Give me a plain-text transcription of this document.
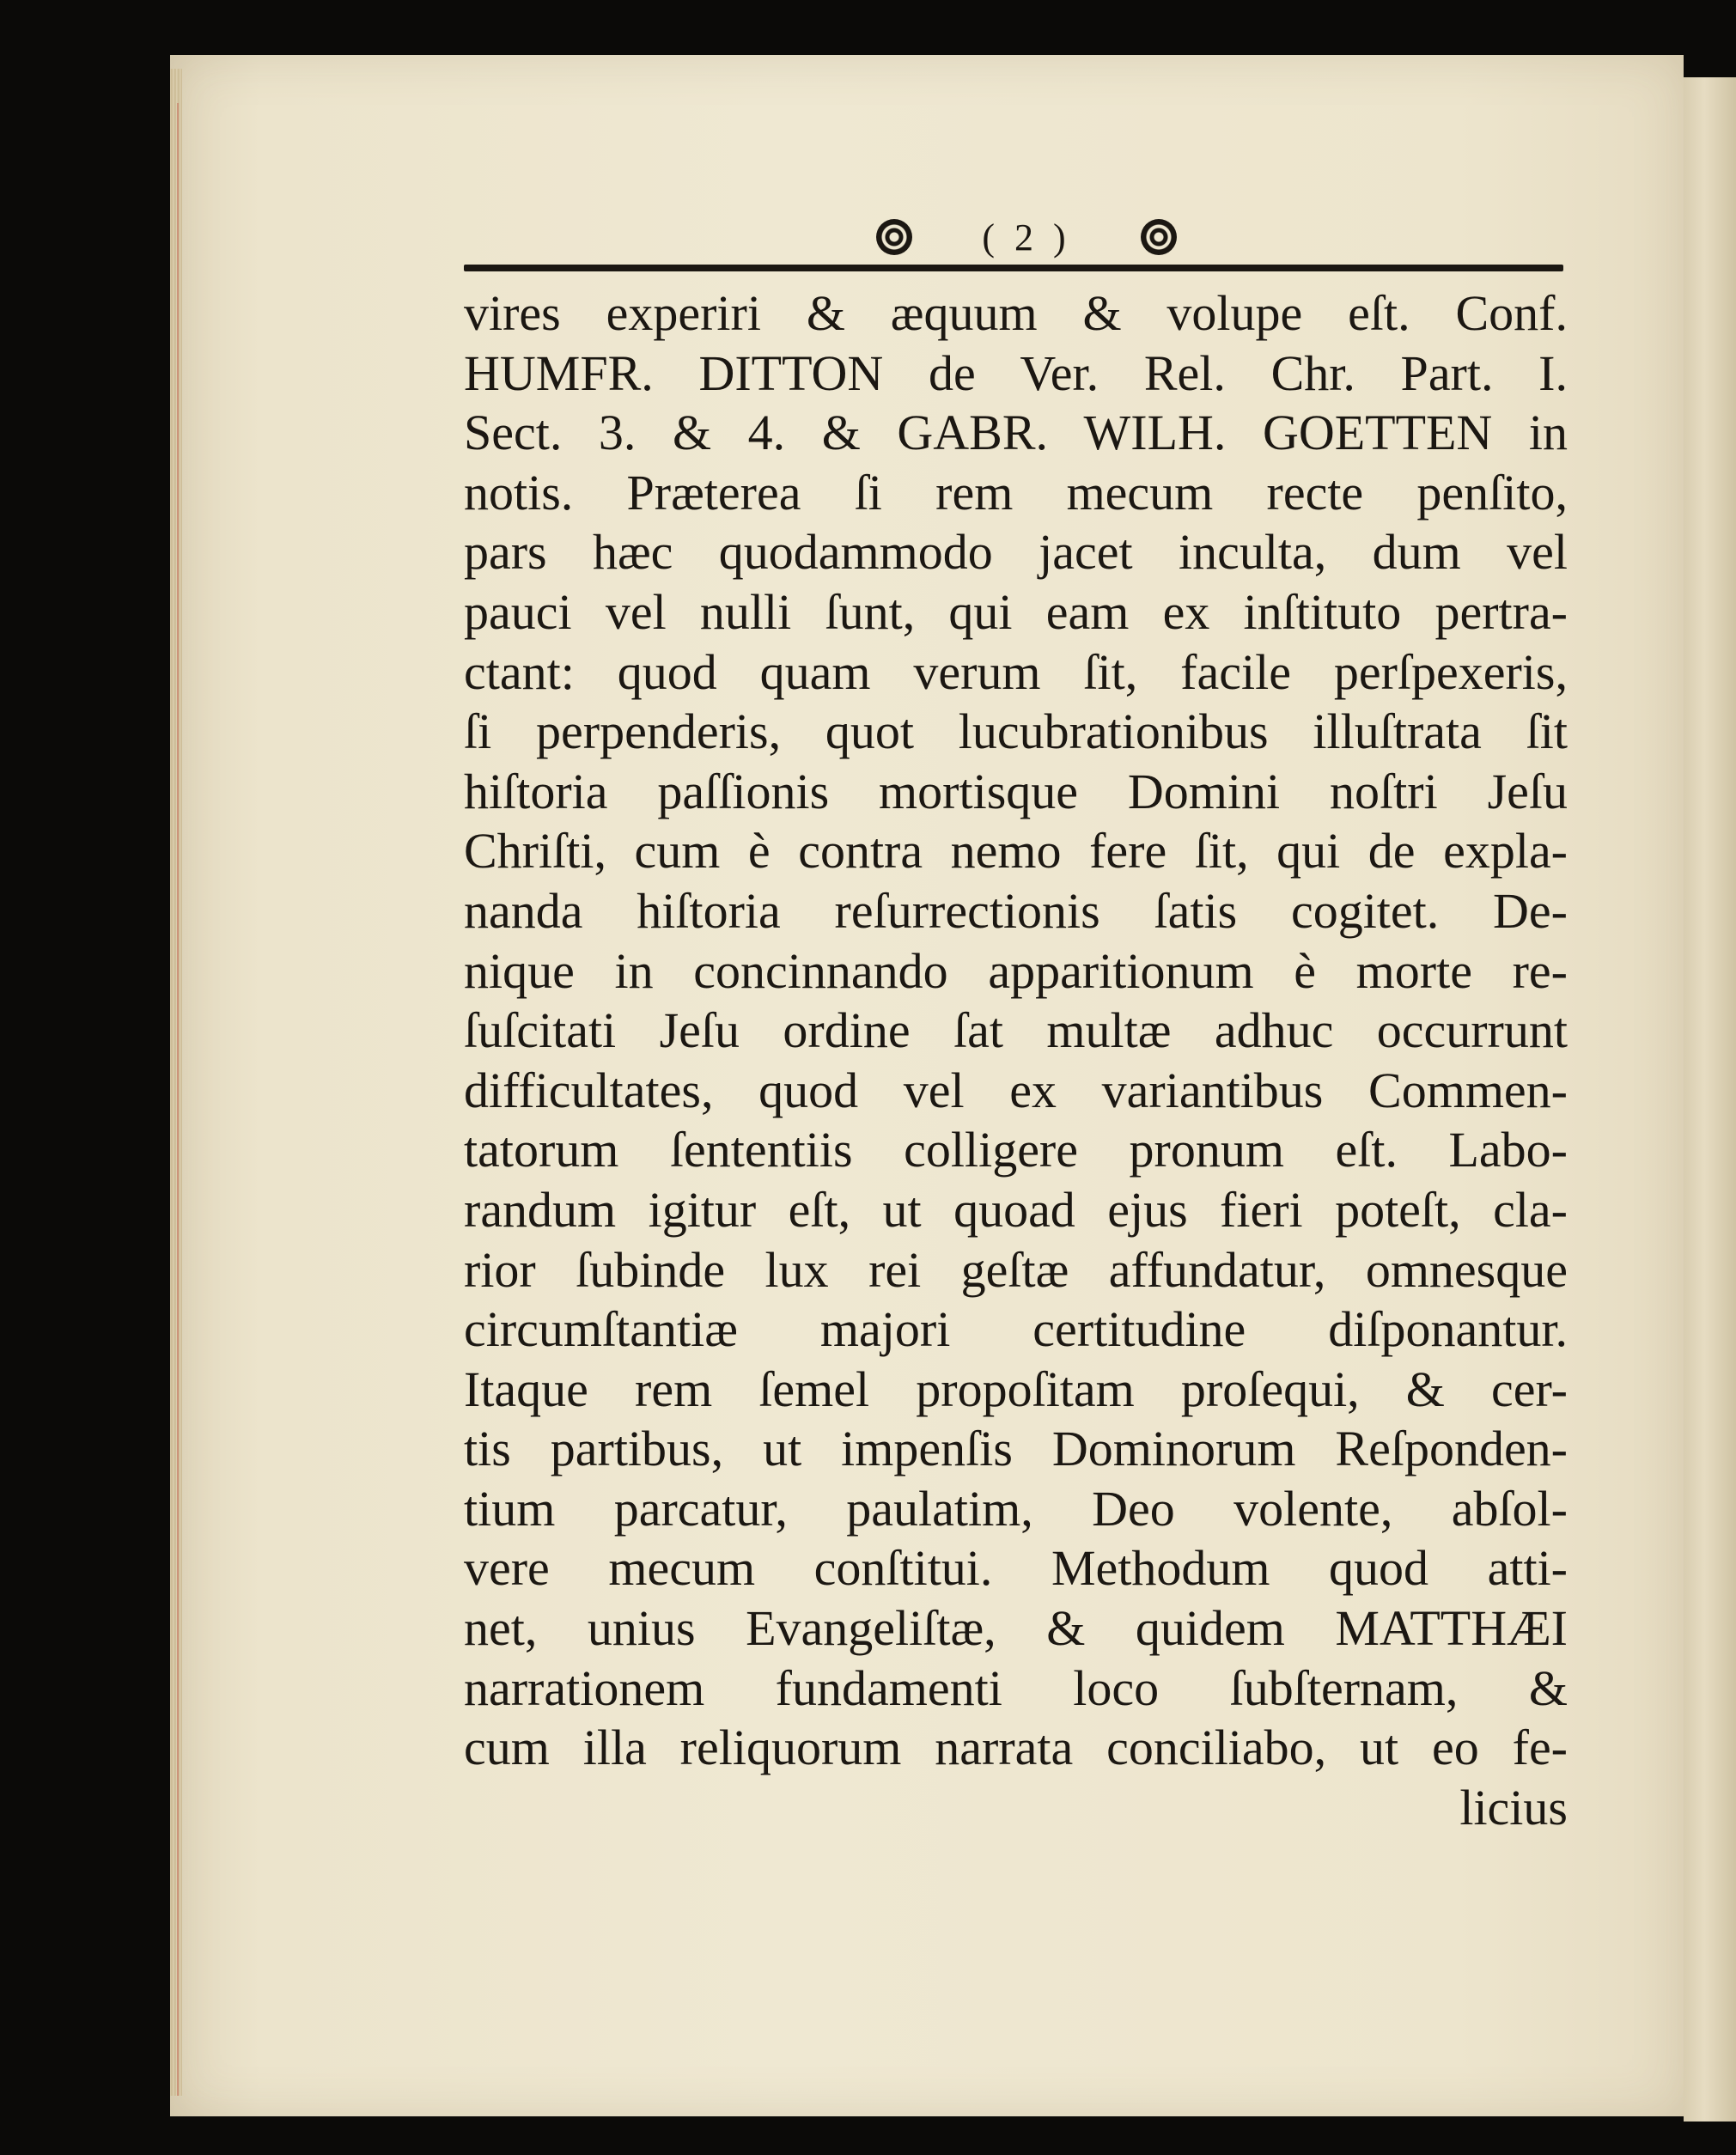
( 2 )
vires experiri & æquum & volupe eſt. Conf.
HUMFR. DITTON de Ver. Rel. Chr. Part. I.
Sect. 3. & 4. & GABR. WILH. GOETTEN in
notis. Præterea ſi rem mecum recte penſito,
pars hæc quodammodo jacet inculta, dum vel
pauci vel nulli ſunt, qui eam ex inſtituto pertra-
ctant: quod quam verum ſit, facile perſpexeris,
ſi perpenderis, quot lucubrationibus illuſtrata ſit
hiſtoria paſſionis mortisque Domini noſtri Jeſu
Chriſti, cum è contra nemo fere ſit, qui de expla-
nanda hiſtoria reſurrectionis ſatis cogitet. De-
nique in concinnando apparitionum è morte re-
ſuſcitati Jeſu ordine ſat multæ adhuc occurrunt
difficultates, quod vel ex variantibus Commen-
tatorum ſententiis colligere pronum eſt. Labo-
randum igitur eſt, ut quoad ejus fieri poteſt, cla-
rior ſubinde lux rei geſtæ affundatur, omnesque
circumſtantiæ majori certitudine diſponantur.
Itaque rem ſemel propoſitam proſequi, & cer-
tis partibus, ut impenſis Dominorum Reſponden-
tium parcatur, paulatim, Deo volente, abſol-
vere mecum conſtitui. Methodum quod atti-
net, unius Evangeliſtæ, & quidem MATTHÆI
narrationem fundamenti loco ſubſternam, &
cum illa reliquorum narrata conciliabo, ut eo fe-
licius
